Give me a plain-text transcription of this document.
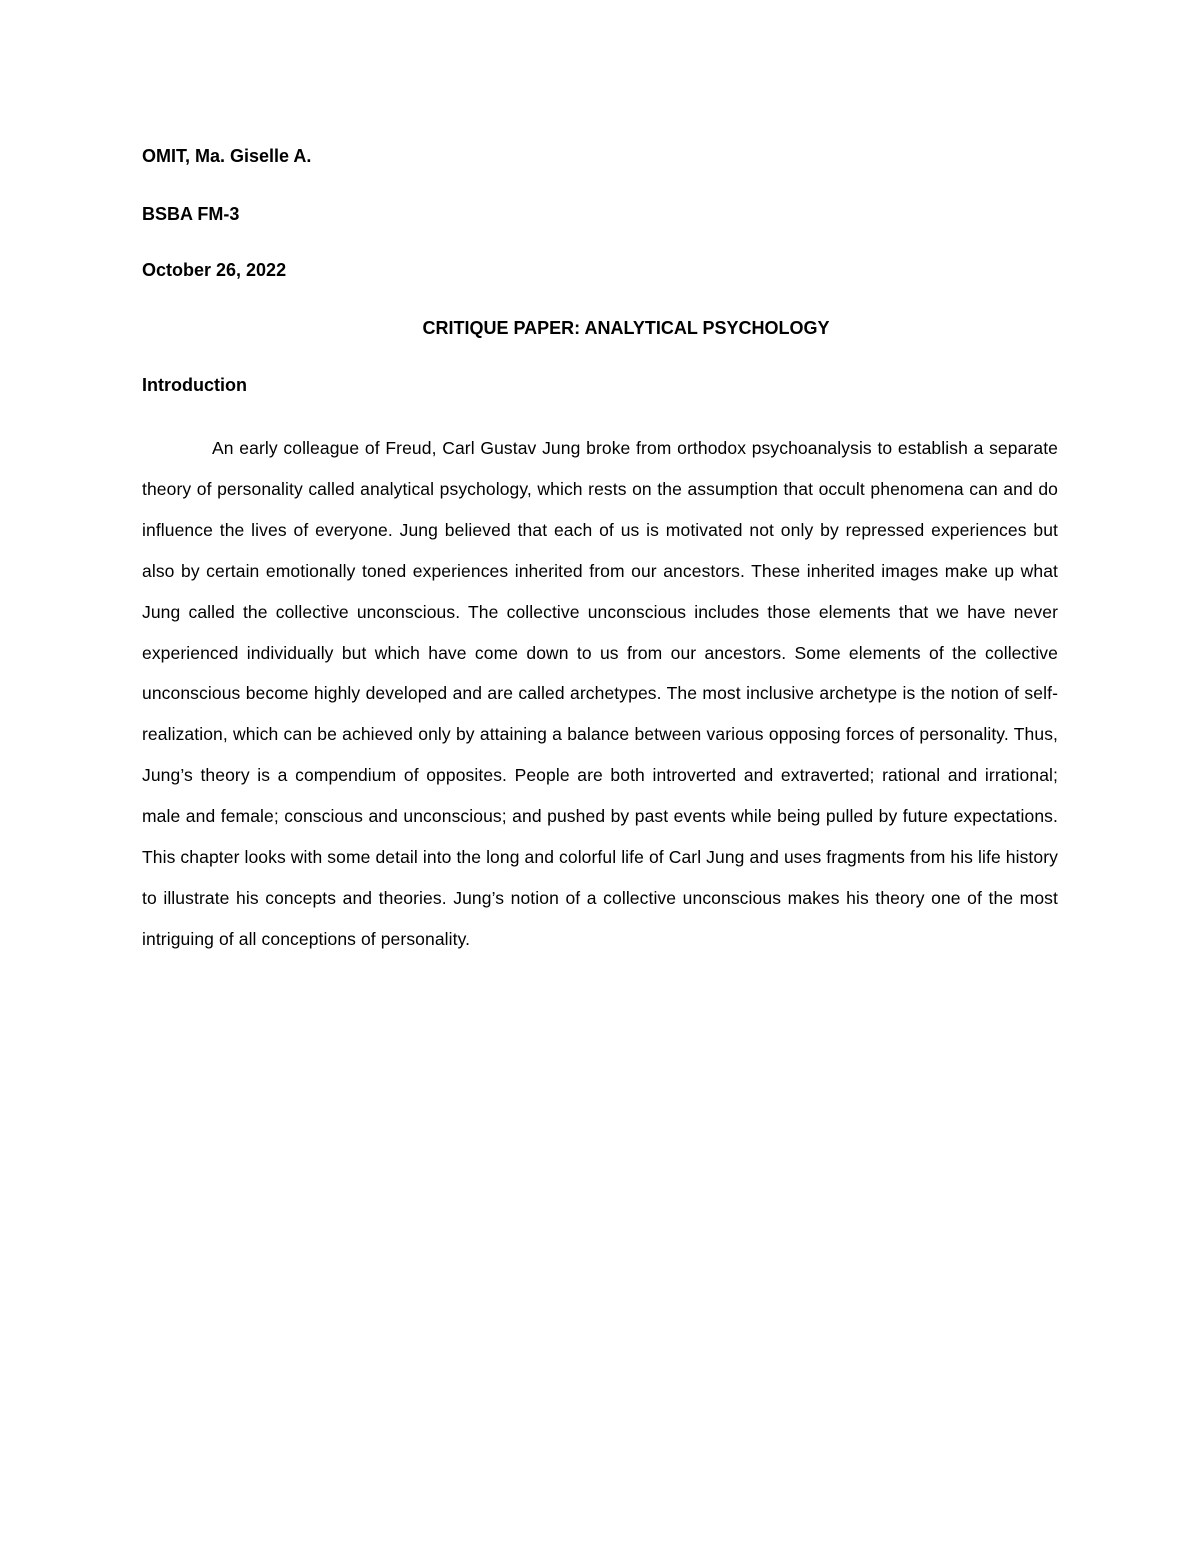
OMIT, Ma. Giselle A.
BSBA FM-3
October 26, 2022
CRITIQUE PAPER: ANALYTICAL PSYCHOLOGY
Introduction

An early colleague of Freud, Carl Gustav Jung broke from orthodox psychoanalysis to establish a separate theory of personality called analytical psychology, which rests on the assumption that occult phenomena can and do influence the lives of everyone. Jung believed that each of us is motivated not only by repressed experiences but also by certain emotionally toned experiences inherited from our ancestors. These inherited images make up what Jung called the collective unconscious. The collective unconscious includes those elements that we have never experienced individually but which have come down to us from our ancestors. Some elements of the collective unconscious become highly developed and are called archetypes. The most inclusive archetype is the notion of self-realization, which can be achieved only by attaining a balance between various opposing forces of personality. Thus, Jung’s theory is a compendium of opposites. People are both introverted and extraverted; rational and irrational; male and female; conscious and unconscious; and pushed by past events while being pulled by future expectations. This chapter looks with some detail into the long and colorful life of Carl Jung and uses fragments from his life history to illustrate his concepts and theories. Jung’s notion of a collective unconscious makes his theory one of the most intriguing of all conceptions of personality.
